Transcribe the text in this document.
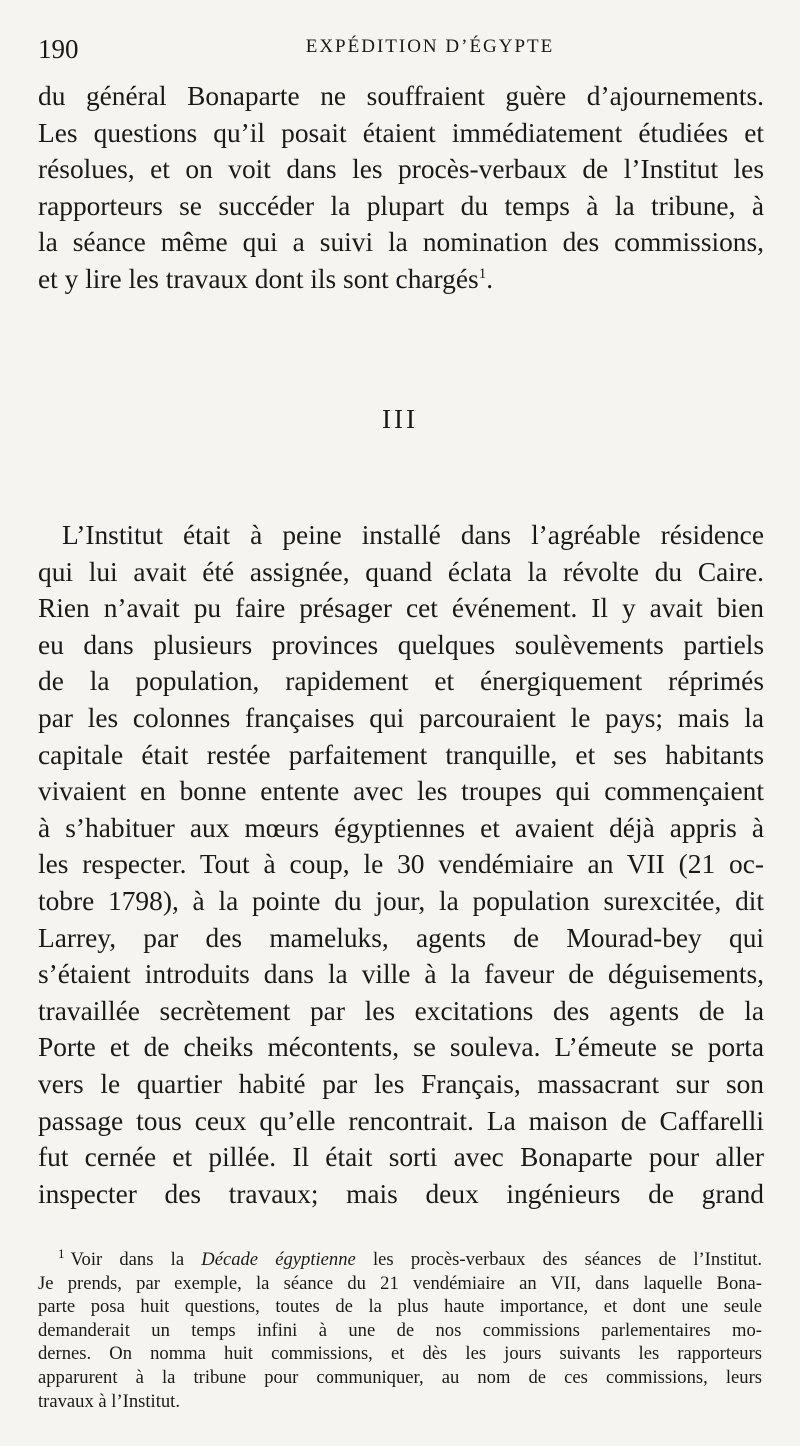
190	EXPÉDITION D’ÉGYPTE
du général Bonaparte ne souffraient guère d’ajournements.
Les questions qu’il posait étaient immédiatement étudiées et
résolues, et on voit dans les procès-verbaux de l’Institut les
rapporteurs se succéder la plupart du temps à la tribune, à
la séance même qui a suivi la nomination des commissions,
et y lire les travaux dont ils sont chargés$^1$.
III
L’Institut était à peine installé dans l’agréable résidence
qui lui avait été assignée, quand éclata la révolte du Caire.
Rien n’avait pu faire présager cet événement. Il y avait bien
eu dans plusieurs provinces quelques soulèvements partiels
de la population, rapidement et énergiquement réprimés
par les colonnes françaises qui parcouraient le pays; mais la
capitale était restée parfaitement tranquille, et ses habitants
vivaient en bonne entente avec les troupes qui commençaient
à s’habituer aux mœurs égyptiennes et avaient déjà appris à
les respecter. Tout à coup, le 30 vendémiaire an VII (21 oc-
tobre 1798), à la pointe du jour, la population surexcitée, dit
Larrey, par des mameluks, agents de Mourad-bey qui
s’étaient introduits dans la ville à la faveur de déguisements,
travaillée secrètement par les excitations des agents de la
Porte et de cheiks mécontents, se souleva. L’émeute se porta
vers le quartier habité par les Français, massacrant sur son
passage tous ceux qu’elle rencontrait. La maison de Caffarelli
fut cernée et pillée. Il était sorti avec Bonaparte pour aller
inspecter des travaux; mais deux ingénieurs de grand
$^1$ Voir dans la Décade égyptienne les procès-verbaux des séances de l’Institut.
Je prends, par exemple, la séance du 21 vendémiaire an VII, dans laquelle Bona-
parte posa huit questions, toutes de la plus haute importance, et dont une seule
demanderait un temps infini à une de nos commissions parlementaires mo-
dernes. On nomma huit commissions, et dès les jours suivants les rapporteurs
apparurent à la tribune pour communiquer, au nom de ces commissions, leurs
travaux à l’Institut.
